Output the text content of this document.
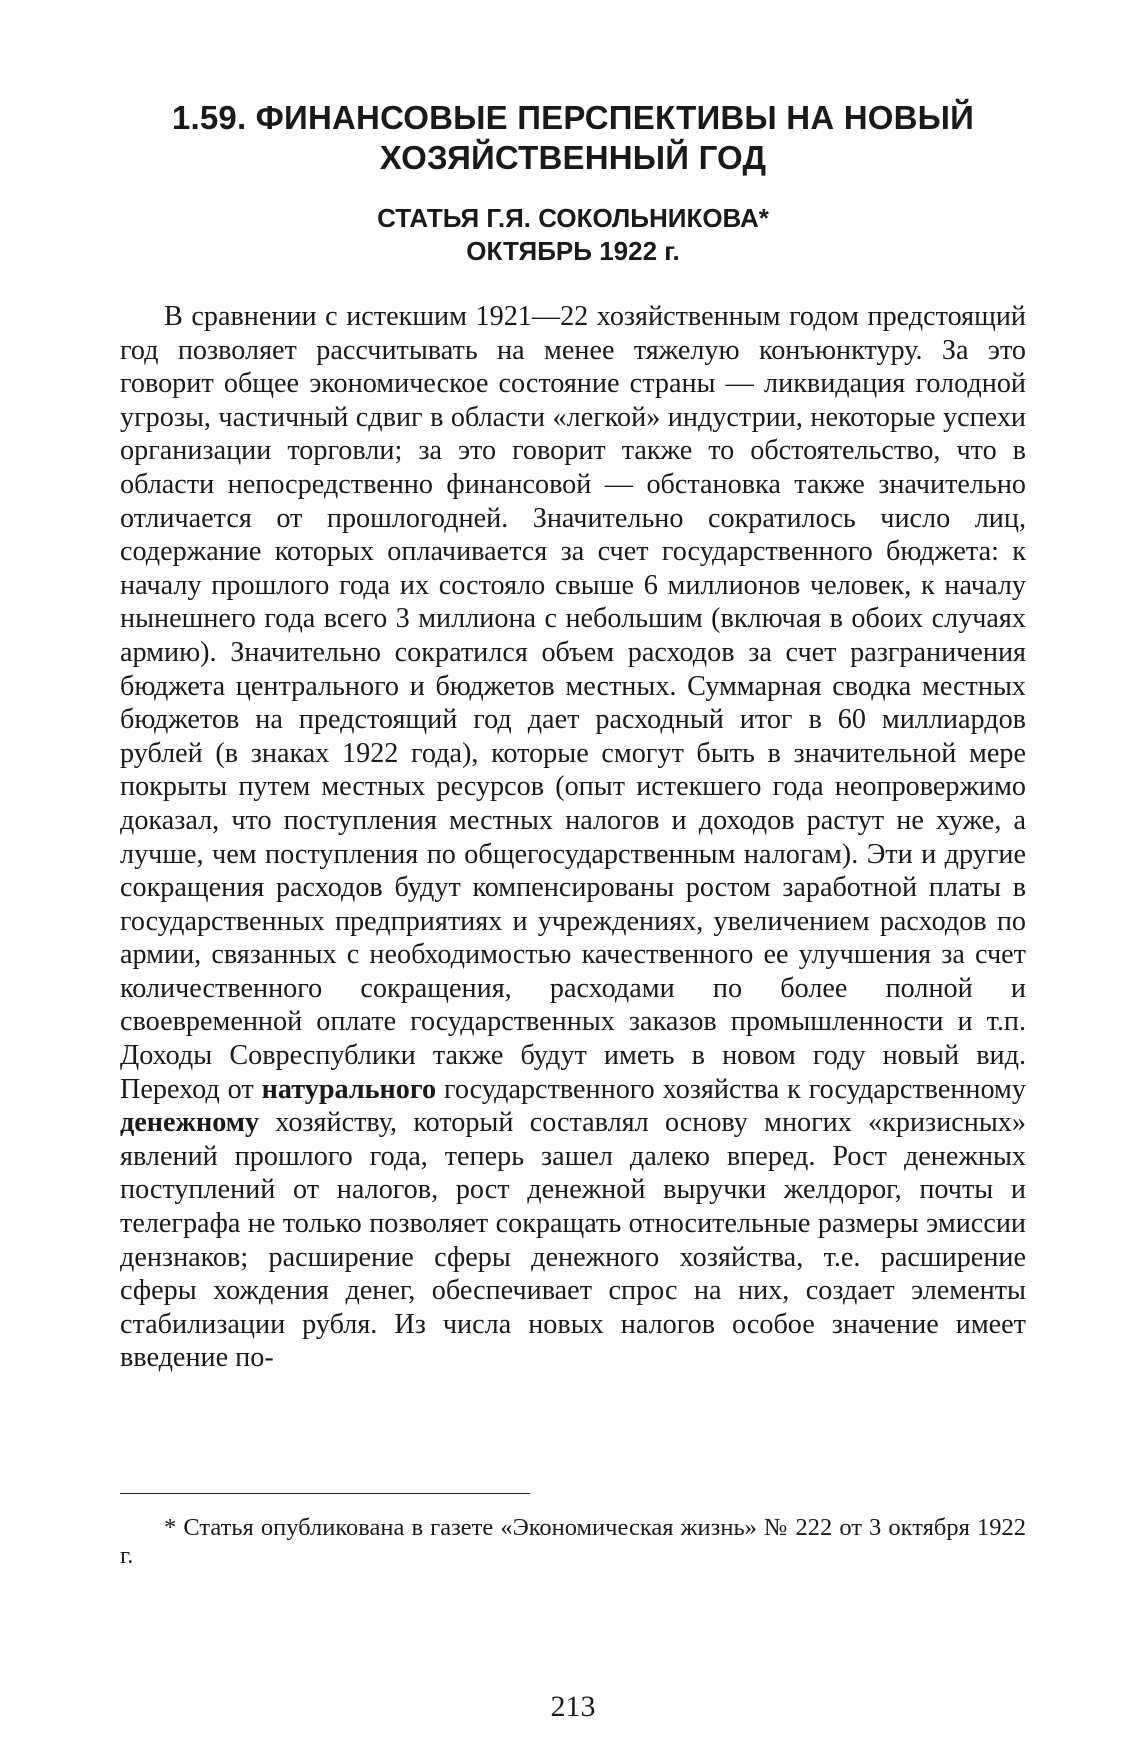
1.59. ФИНАНСОВЫЕ ПЕРСПЕКТИВЫ НА НОВЫЙ

ХОЗЯЙСТВЕННЫЙ ГОД

СТАТЬЯ Г.Я. СОКОЛЬНИКОВА*

ОКТЯБРЬ 1922 г.

В сравнении с истекшим 1921—22 хозяйственным годом предстоящий год позволяет рассчитывать на менее тяжелую конъюнктуру. За это говорит общее экономическое состояние страны — ликвидация голодной угрозы, частичный сдвиг в области «легкой» индустрии, некоторые успехи организации торговли; за это говорит также то обстоятельство, что в области непосредственно финансовой — обстановка также значительно отличается от прошлогодней. Значительно сократилось число лиц, содержание которых оплачивается за счет государственного бюджета: к началу прошлого года их состояло свыше 6 миллионов человек, к началу нынешнего года всего 3 миллиона с небольшим (включая в обоих случаях армию). Значительно сократился объем расходов за счет разграничения бюджета центрального и бюджетов местных. Суммарная сводка местных бюджетов на предстоящий год дает расходный итог в 60 миллиардов рублей (в знаках 1922 года), которые смогут быть в значительной мере покрыты путем местных ресурсов (опыт истекшего года неопровержимо доказал, что поступления местных налогов и доходов растут не хуже, а лучше, чем поступления по общегосударственным налогам). Эти и другие сокращения расходов будут компенсированы ростом заработной платы в государственных предприятиях и учреждениях, увеличением расходов по армии, связанных с необходимостью качественного ее улучшения за счет количественного сокращения, расходами по более полной и своевременной оплате государственных заказов промышленности и т.п. Доходы Совреспублики также будут иметь в новом году новый вид. Переход от натурального государственного хозяйства к государственному денежному хозяйству, который составлял основу многих «кризисных» явлений прошлого года, теперь зашел далеко вперед. Рост денежных поступлений от налогов, рост денежной выручки желдорог, почты и телеграфа не только позволяет сокращать относительные размеры эмиссии дензнаков; расширение сферы денежного хозяйства, т.е. расширение сферы хождения денег, обеспечивает спрос на них, создает элементы стабилизации рубля. Из числа новых налогов особое значение имеет введение по-

* Статья опубликована в газете «Экономическая жизнь» № 222 от 3 октября 1922 г.

213
